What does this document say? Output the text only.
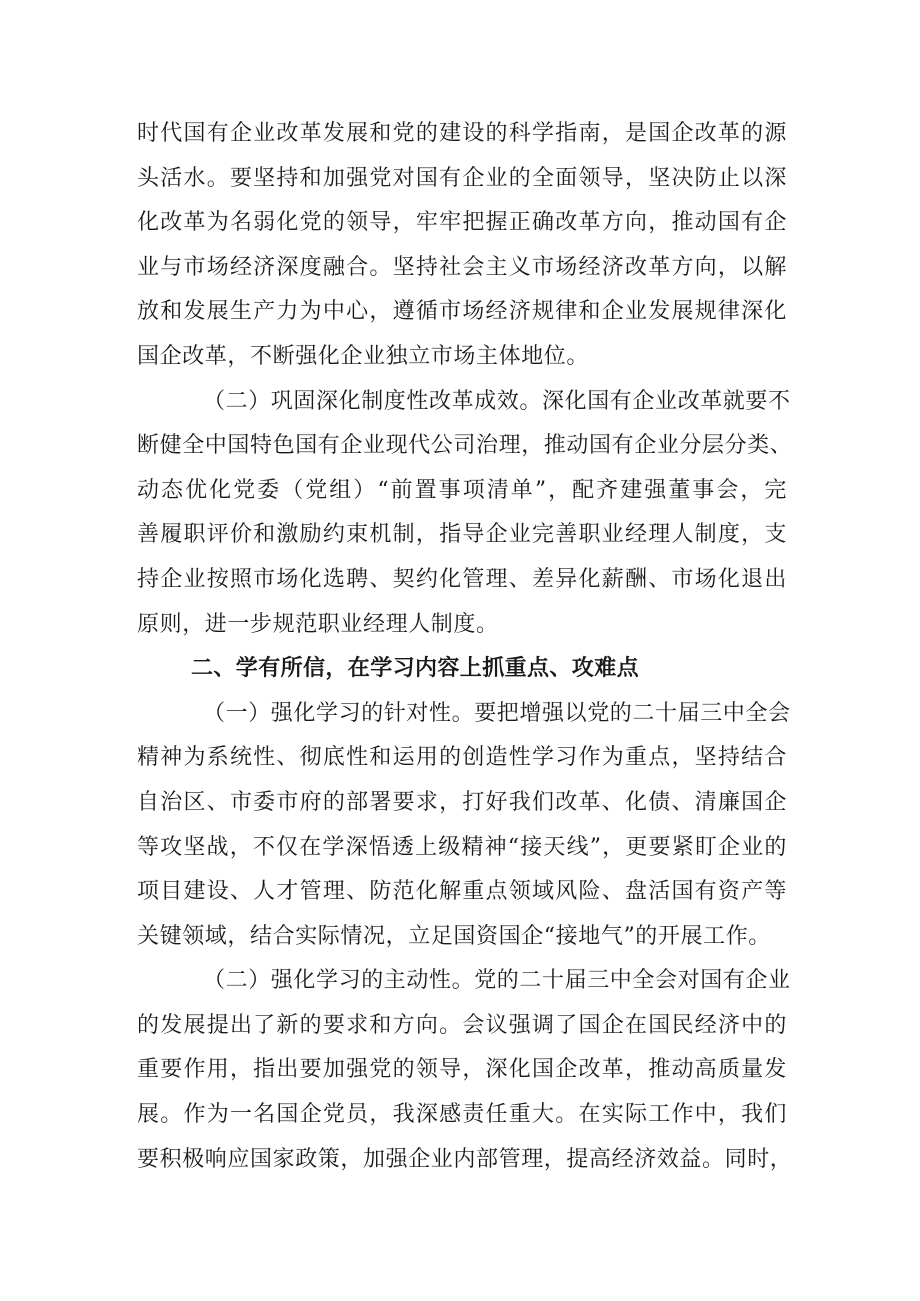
时代国有企业改革发展和党的建设的科学指南，是国企改革的源
头活水。要坚持和加强党对国有企业的全面领导，坚决防止以深
化改革为名弱化党的领导，牢牢把握正确改革方向，推动国有企
业与市场经济深度融合。坚持社会主义市场经济改革方向，以解
放和发展生产力为中心，遵循市场经济规律和企业发展规律深化
国企改革，不断强化企业独立市场主体地位。
（二）巩固深化制度性改革成效。深化国有企业改革就要不
断健全中国特色国有企业现代公司治理，推动国有企业分层分类、
动态优化党委（党组）“前置事项清单”，配齐建强董事会，完
善履职评价和激励约束机制，指导企业完善职业经理人制度，支
持企业按照市场化选聘、契约化管理、差异化薪酬、市场化退出
原则，进一步规范职业经理人制度。
二、学有所信，在学习内容上抓重点、攻难点
（一）强化学习的针对性。要把增强以党的二十届三中全会
精神为系统性、彻底性和运用的创造性学习作为重点，坚持结合
自治区、市委市府的部署要求，打好我们改革、化债、清廉国企
等攻坚战，不仅在学深悟透上级精神“接天线”，更要紧盯企业的
项目建设、人才管理、防范化解重点领域风险、盘活国有资产等
关键领域，结合实际情况，立足国资国企“接地气”的开展工作。
（二）强化学习的主动性。党的二十届三中全会对国有企业
的发展提出了新的要求和方向。会议强调了国企在国民经济中的
重要作用，指出要加强党的领导，深化国企改革，推动高质量发
展。作为一名国企党员，我深感责任重大。在实际工作中，我们
要积极响应国家政策，加强企业内部管理，提高经济效益。同时，
